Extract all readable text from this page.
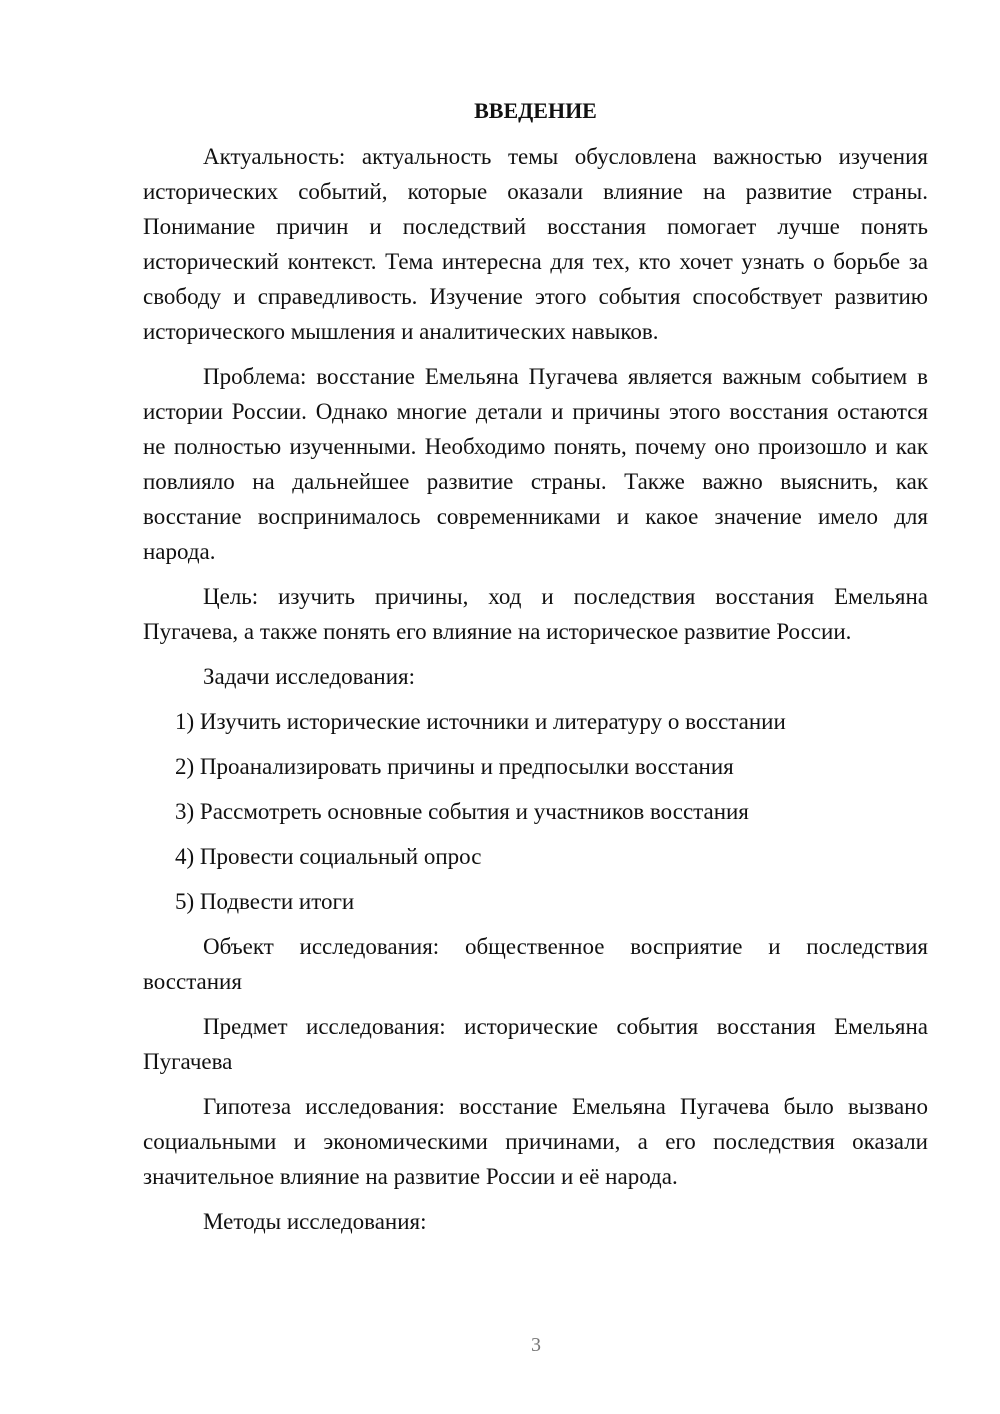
ВВЕДЕНИЕ

Актуальность: актуальность темы обусловлена важностью изучения исторических событий, которые оказали влияние на развитие страны. Понимание причин и последствий восстания помогает лучше понять исторический контекст. Тема интересна для тех, кто хочет узнать о борьбе за свободу и справедливость. Изучение этого события способствует развитию исторического мышления и аналитических навыков.

Проблема: восстание Емельяна Пугачева является важным событием в истории России. Однако многие детали и причины этого восстания остаются не полностью изученными. Необходимо понять, почему оно произошло и как повлияло на дальнейшее развитие страны. Также важно выяснить, как восстание воспринималось современниками и какое значение имело для народа.

Цель: изучить причины, ход и последствия восстания Емельяна Пугачева, а также понять его влияние на историческое развитие России.

Задачи исследования:
1) Изучить исторические источники и литературу о восстании
2) Проанализировать причины и предпосылки восстания
3) Рассмотреть основные события и участников восстания
4) Провести социальный опрос
5) Подвести итоги

Объект исследования: общественное восприятие и последствия восстания

Предмет исследования: исторические события восстания Емельяна Пугачева

Гипотеза исследования: восстание Емельяна Пугачева было вызвано социальными и экономическими причинами, а его последствия оказали значительное влияние на развитие России и её народа.

Методы исследования:
3
